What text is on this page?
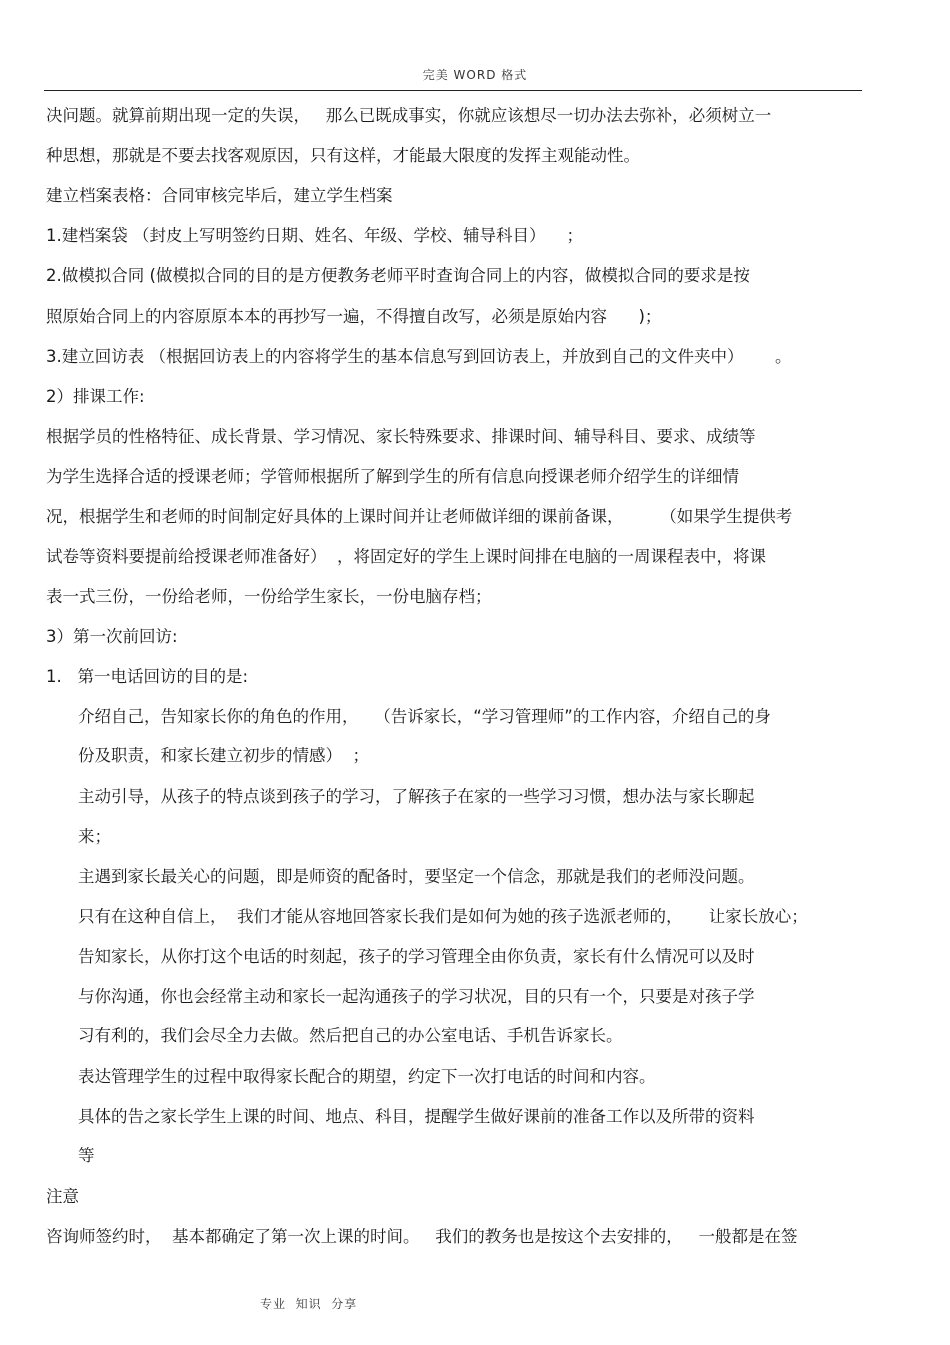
完美 WORD 格式
决问题。就算前期出现一定的失误，   那么已既成事实，你就应该想尽一切办法去弥补，必须树立一
种思想，那就是不要去找客观原因，只有这样，才能最大限度的发挥主观能动性。
建立档案表格：合同审核完毕后，建立学生档案
1.建档案袋 （封皮上写明签约日期、姓名、年级、学校、辅导科目）    ；
2.做模拟合同 (做模拟合同的目的是方便教务老师平时查询合同上的内容，做模拟合同的要求是按
照原始合同上的内容原原本本的再抄写一遍，不得擅自改写，必须是原始内容      )；
3.建立回访表 （根据回访表上的内容将学生的基本信息写到回访表上，并放到自己的文件夹中）      。
2）排课工作:
根据学员的性格特征、成长背景、学习情况、家长特殊要求、排课时间、辅导科目、要求、成绩等
为学生选择合适的授课老师；学管师根据所了解到学生的所有信息向授课老师介绍学生的详细情
况，根据学生和老师的时间制定好具体的上课时间并让老师做详细的课前备课，       （如果学生提供考
试卷等资料要提前给授课老师准备好）  ，将固定好的学生上课时间排在电脑的一周课程表中，将课
表一式三份，一份给老师，一份给学生家长，一份电脑存档；
3）第一次前回访:
1.   第一电话回访的目的是:
介绍自己，告知家长你的角色的作用，   （告诉家长，“学习管理师”的工作内容，介绍自己的身
份及职责，和家长建立初步的情感）  ；
主动引导，从孩子的特点谈到孩子的学习，了解孩子在家的一些学习习惯，想办法与家长聊起
来；
主遇到家长最关心的问题，即是师资的配备时，要坚定一个信念，那就是我们的老师没问题。
只有在这种自信上，  我们才能从容地回答家长我们是如何为她的孩子选派老师的，     让家长放心；
告知家长，从你打这个电话的时刻起，孩子的学习管理全由你负责，家长有什么情况可以及时
与你沟通，你也会经常主动和家长一起沟通孩子的学习状况，目的只有一个，只要是对孩子学
习有利的，我们会尽全力去做。然后把自己的办公室电话、手机告诉家长。
表达管理学生的过程中取得家长配合的期望，约定下一次打电话的时间和内容。
具体的告之家长学生上课的时间、地点、科目，提醒学生做好课前的准备工作以及所带的资料
等
注意
咨询师签约时，  基本都确定了第一次上课的时间。   我们的教务也是按这个去安排的，   一般都是在签
专业  知识  分享
